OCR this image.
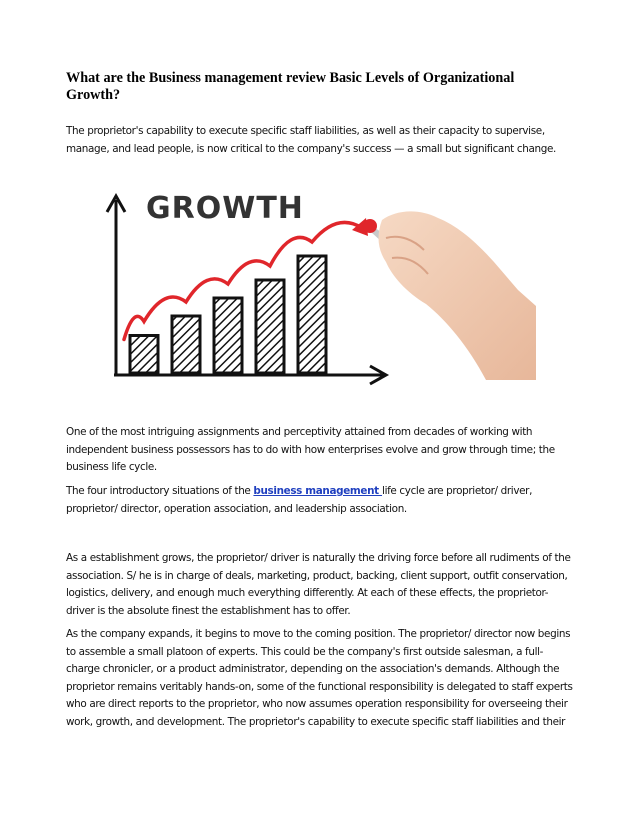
What are the Business management review Basic Levels of Organizational Growth?

The proprietor's capability to execute specific staff liabilities, as well as their capacity to supervise, manage, and lead people, is now critical to the company's success — a small but significant change.

GROWTH

One of the most intriguing assignments and perceptivity attained from decades of working with independent business possessors has to do with how enterprises evolve and grow through time; the business life cycle.

The four introductory situations of the business management life cycle are proprietor/ driver, proprietor/ director, operation association, and leadership association.

As a establishment grows, the proprietor/ driver is naturally the driving force before all rudiments of the association. S/ he is in charge of deals, marketing, product, backing, client support, outfit conservation, logistics, delivery, and enough much everything differently. At each of these effects, the proprietor-driver is the absolute finest the establishment has to offer.

As the company expands, it begins to move to the coming position. The proprietor/ director now begins to assemble a small platoon of experts. This could be the company's first outside salesman, a full- charge chronicler, or a product administrator, depending on the association's demands. Although the proprietor remains veritably hands-on, some of the functional responsibility is delegated to staff experts who are direct reports to the proprietor, who now assumes operation responsibility for overseeing their work, growth, and development. The proprietor's capability to execute specific staff liabilities and their
